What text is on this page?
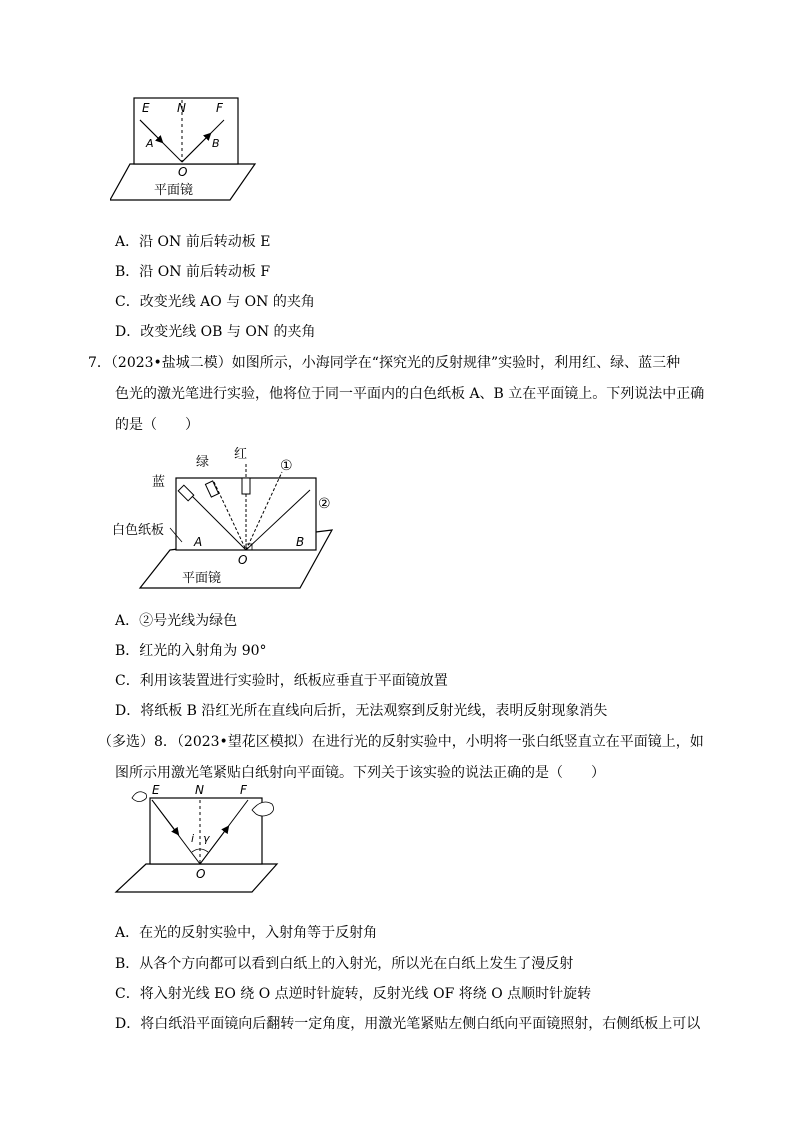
E N	F
A	B
O
平面镜
A．沿 ON 前后转动板 E
B．沿 ON 前后转动板 F
C．改变光线 AO 与 ON 的夹角
D．改变光线 OB 与 ON 的夹角
7．（2023•盐城二模）如图所示，小海同学在“探究光的反射规律”实验时，利用红、绿、蓝三种
色光的激光笔进行实验，他将位于同一平面内的白色纸板 A、B 立在平面镜上。下列说法中正确
的是（　　）
蓝
绿
红
①
②
白色纸板
A	B
O
平面镜
A．②号光线为绿色
B．红光的入射角为 90°
C．利用该装置进行实验时，纸板应垂直于平面镜放置
D．将纸板 B 沿红光所在直线向后折，无法观察到反射光线，表明反射现象消失
（多选）8．（2023•望花区模拟）在进行光的反射实验中，小明将一张白纸竖直立在平面镜上，如
图所示用激光笔紧贴白纸射向平面镜。下列关于该实验的说法正确的是（　　）
E	N	F
i γ
O
A．在光的反射实验中，入射角等于反射角
B．从各个方向都可以看到白纸上的入射光，所以光在白纸上发生了漫反射
C．将入射光线 EO 绕 O 点逆时针旋转，反射光线 OF 将绕 O 点顺时针旋转
D．将白纸沿平面镜向后翻转一定角度，用激光笔紧贴左侧白纸向平面镜照射，右侧纸板上可以
